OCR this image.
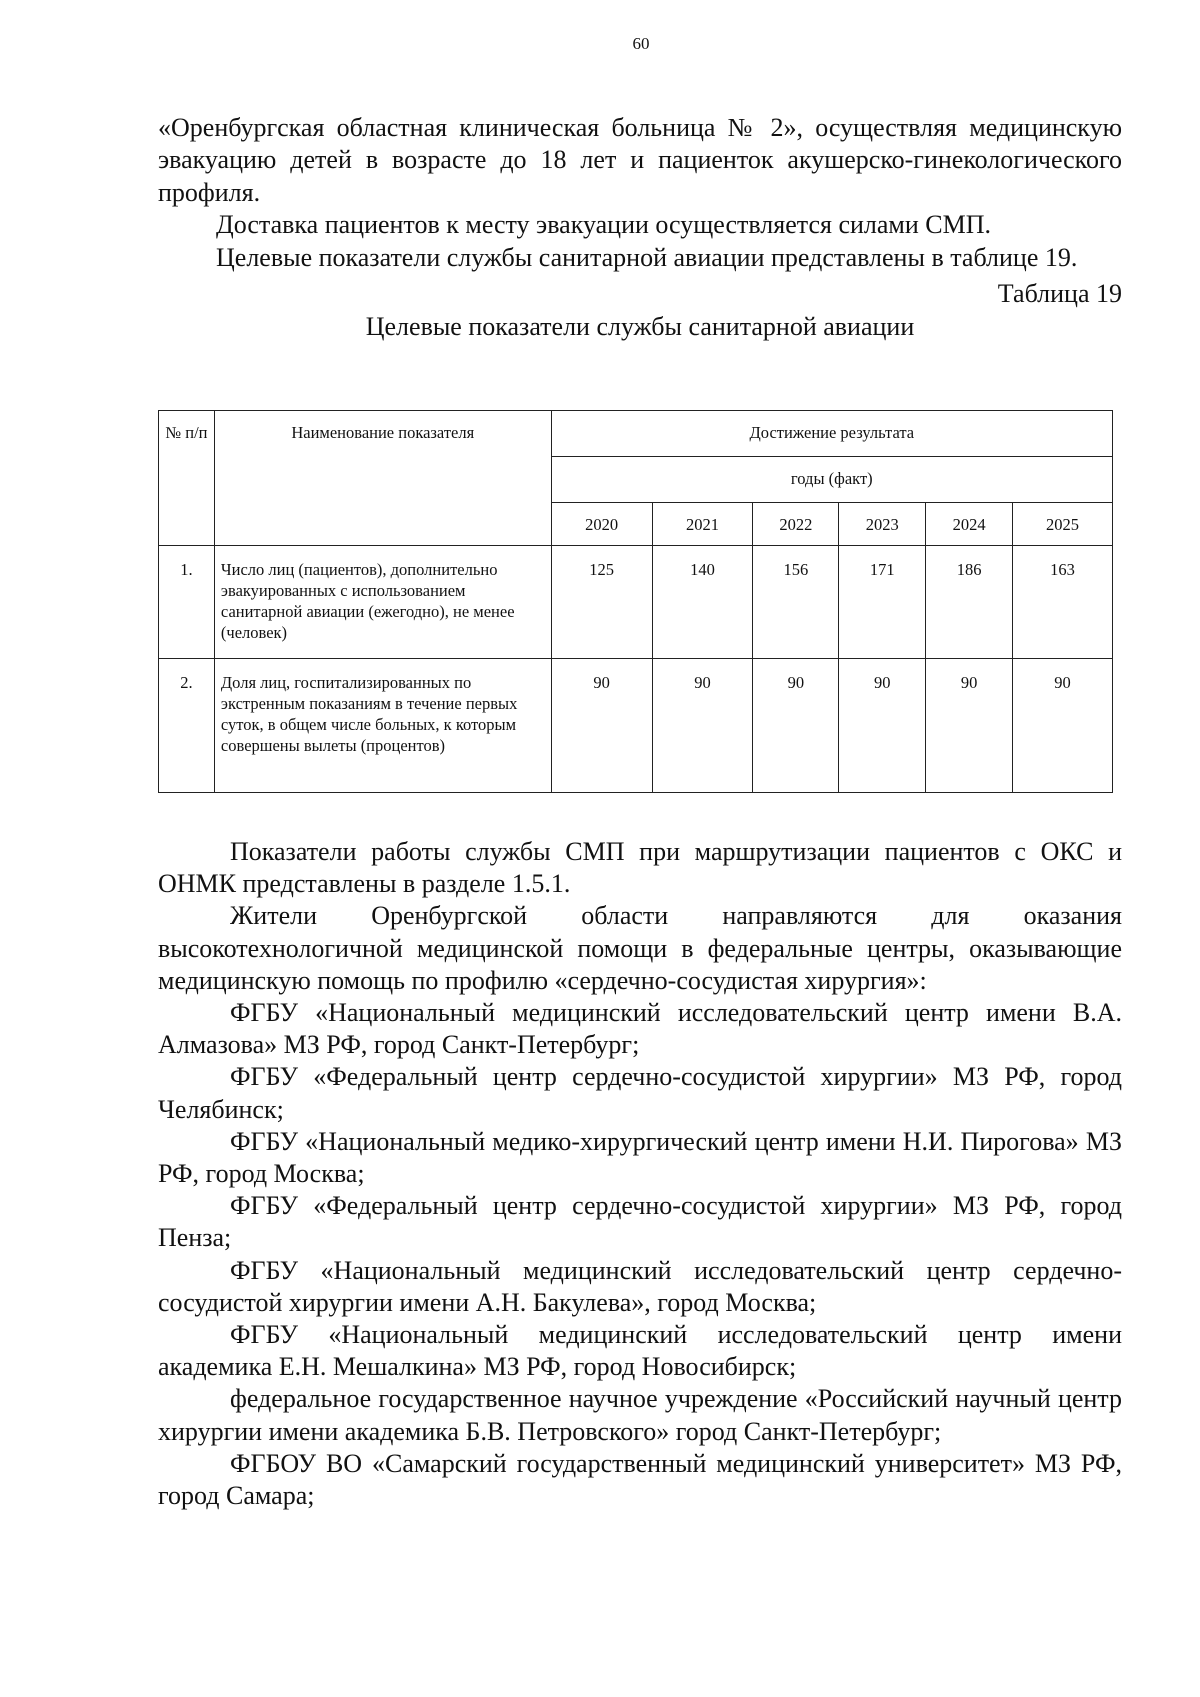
60

«Оренбургская областная клиническая больница № 2», осуществляя медицинскую эвакуацию детей в возрасте до 18 лет и пациенток акушерско-гинекологического профиля.

Доставка пациентов к месту эвакуации осуществляется силами СМП.

Целевые показатели службы санитарной авиации представлены в таблице 19.

Таблица 19
Целевые показатели службы санитарной авиации
№ п/п	Наименование показателя	Достижение результата					
		годы (факт)					
		2020	2021	2022	2023	2024	2025
1.	Число лиц (пациентов), дополнительно эвакуированных с использованием санитарной авиации (ежегодно), не менее (человек)	125	140	156	171	186	163
2.	Доля лиц, госпитализированных по экстренным показаниям в течение первых суток, в общем числе больных, к которым совершены вылеты (процентов)	90	90	90	90	90	90

Показатели работы службы СМП при маршрутизации пациентов с ОКС и ОНМК представлены в разделе 1.5.1.

Жители Оренбургской области направляются для оказания высокотехнологичной медицинской помощи в федеральные центры, оказывающие медицинскую помощь по профилю «сердечно-сосудистая хирургия»:

ФГБУ «Национальный медицинский исследовательский центр имени В.А. Алмазова» МЗ РФ, город Санкт-Петербург;

ФГБУ «Федеральный центр сердечно-сосудистой хирургии» МЗ РФ, город Челябинск;

ФГБУ «Национальный медико-хирургический центр имени Н.И. Пирогова» МЗ РФ, город Москва;

ФГБУ «Федеральный центр сердечно-сосудистой хирургии» МЗ РФ, город Пенза;

ФГБУ «Национальный медицинский исследовательский центр сердечно-сосудистой хирургии имени А.Н. Бакулева», город Москва;

ФГБУ «Национальный медицинский исследовательский центр имени академика Е.Н. Мешалкина» МЗ РФ, город Новосибирск;

федеральное государственное научное учреждение «Российский научный центр хирургии имени академика Б.В. Петровского» город Санкт-Петербург;

ФГБОУ ВО «Самарский государственный медицинский университет» МЗ РФ, город Самара;
